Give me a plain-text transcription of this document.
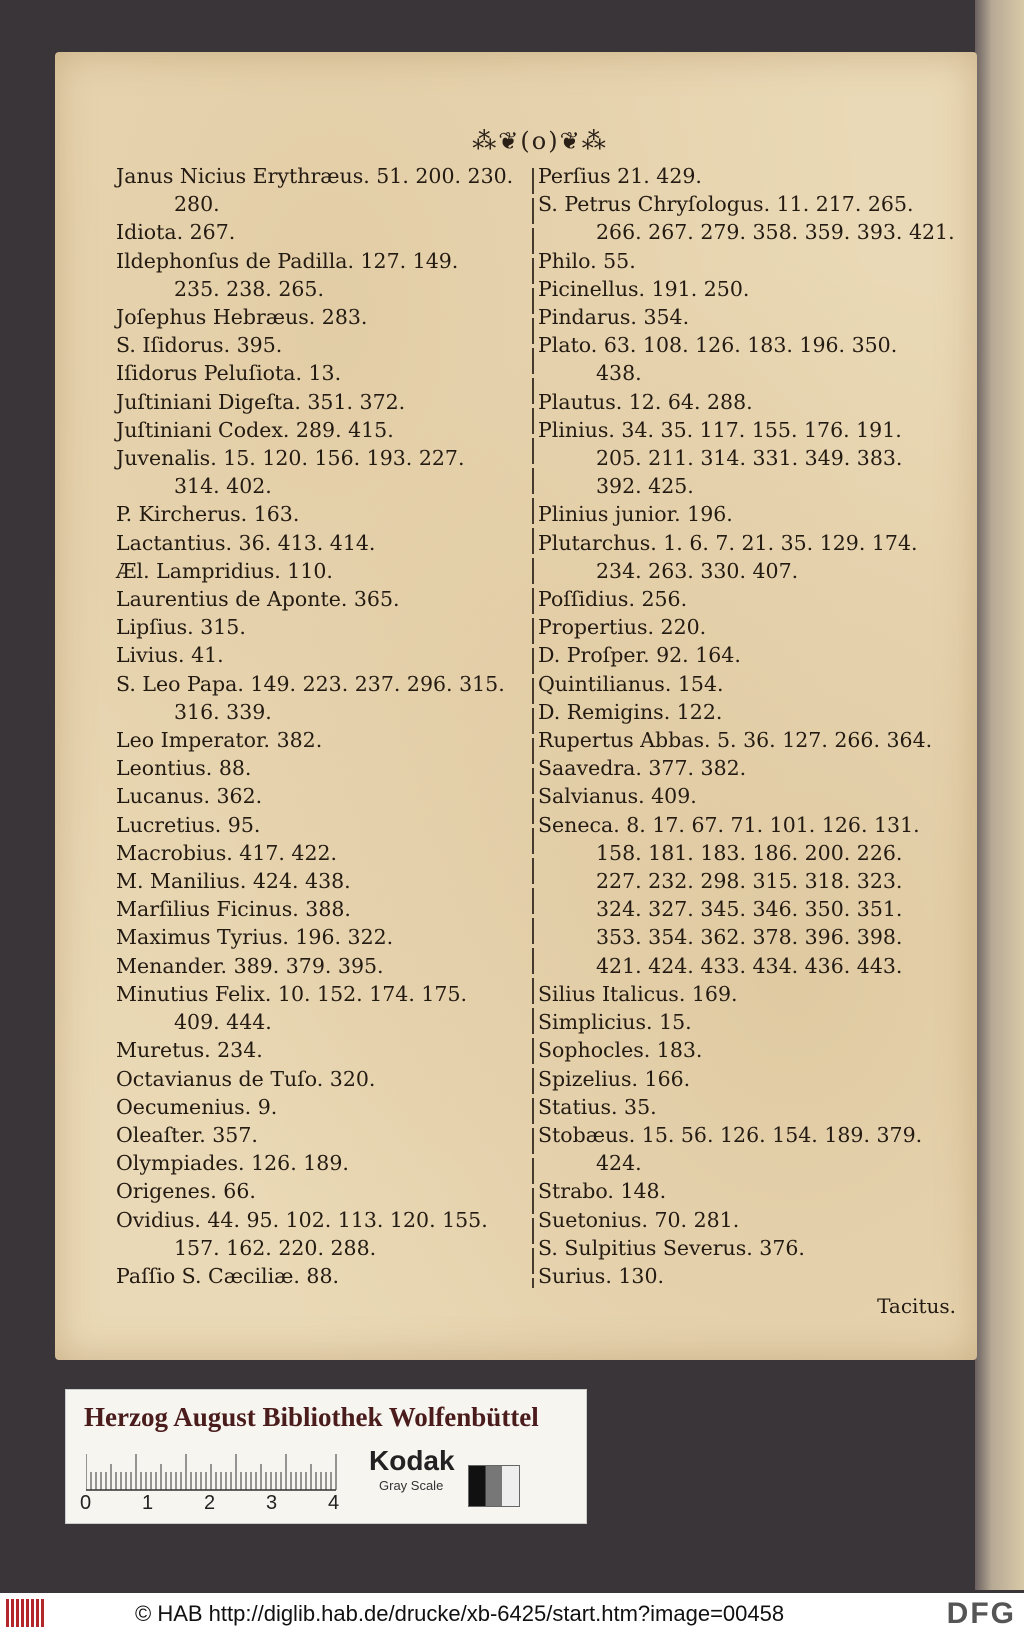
⁂❦(o)❦⁂
Janus Nicius Erythræus. 51. 200. 230.
280.
Idiota. 267.
Ildephonſus de Padilla. 127. 149.
235. 238. 265.
Joſephus Hebræus. 283.
S. Iſidorus. 395.
Iſidorus Peluſiota. 13.
Juſtiniani Digeſta. 351. 372.
Juſtiniani Codex. 289. 415.
Juvenalis. 15. 120. 156. 193. 227.
314. 402.
P. Kircherus. 163.
Lactantius. 36. 413. 414.
Æl. Lampridius. 110.
Laurentius de Aponte. 365.
Lipſius. 315.
Livius. 41.
S. Leo Papa. 149. 223. 237. 296. 315.
316. 339.
Leo Imperator. 382.
Leontius. 88.
Lucanus. 362.
Lucretius. 95.
Macrobius. 417. 422.
M. Manilius. 424. 438.
Marſilius Ficinus. 388.
Maximus Tyrius. 196. 322.
Menander. 389. 379. 395.
Minutius Felix. 10. 152. 174. 175.
409. 444.
Muretus. 234.
Octavianus de Tuſo. 320.
Oecumenius. 9.
Oleaſter. 357.
Olympiades. 126. 189.
Origenes. 66.
Ovidius. 44. 95. 102. 113. 120. 155.
157. 162. 220. 288.
Paſſio S. Cæciliæ. 88.
Perſius 21. 429.
S. Petrus Chryſologus. 11. 217. 265.
266. 267. 279. 358. 359. 393. 421.
Philo. 55.
Picinellus. 191. 250.
Pindarus. 354.
Plato. 63. 108. 126. 183. 196. 350.
438.
Plautus. 12. 64. 288.
Plinius. 34. 35. 117. 155. 176. 191.
205. 211. 314. 331. 349. 383.
392. 425.
Plinius junior. 196.
Plutarchus. 1. 6. 7. 21. 35. 129. 174.
234. 263. 330. 407.
Poſſidius. 256.
Propertius. 220.
D. Proſper. 92. 164.
Quintilianus. 154.
D. Remigins. 122.
Rupertus Abbas. 5. 36. 127. 266. 364.
Saavedra. 377. 382.
Salvianus. 409.
Seneca. 8. 17. 67. 71. 101. 126. 131.
158. 181. 183. 186. 200. 226.
227. 232. 298. 315. 318. 323.
324. 327. 345. 346. 350. 351.
353. 354. 362. 378. 396. 398.
421. 424. 433. 434. 436. 443.
Silius Italicus. 169.
Simplicius. 15.
Sophocles. 183.
Spizelius. 166.
Statius. 35.
Stobæus. 15. 56. 126. 154. 189. 379.
424.
Strabo. 148.
Suetonius. 70. 281.
S. Sulpitius Severus. 376.
Surius. 130.
Tacitus.
Herzog August Bibliothek Wolfenbüttel
0	1	2	3	4
Kodak
Gray Scale
© HAB http://diglib.hab.de/drucke/xb-6425/start.htm?image=00458	DFG
